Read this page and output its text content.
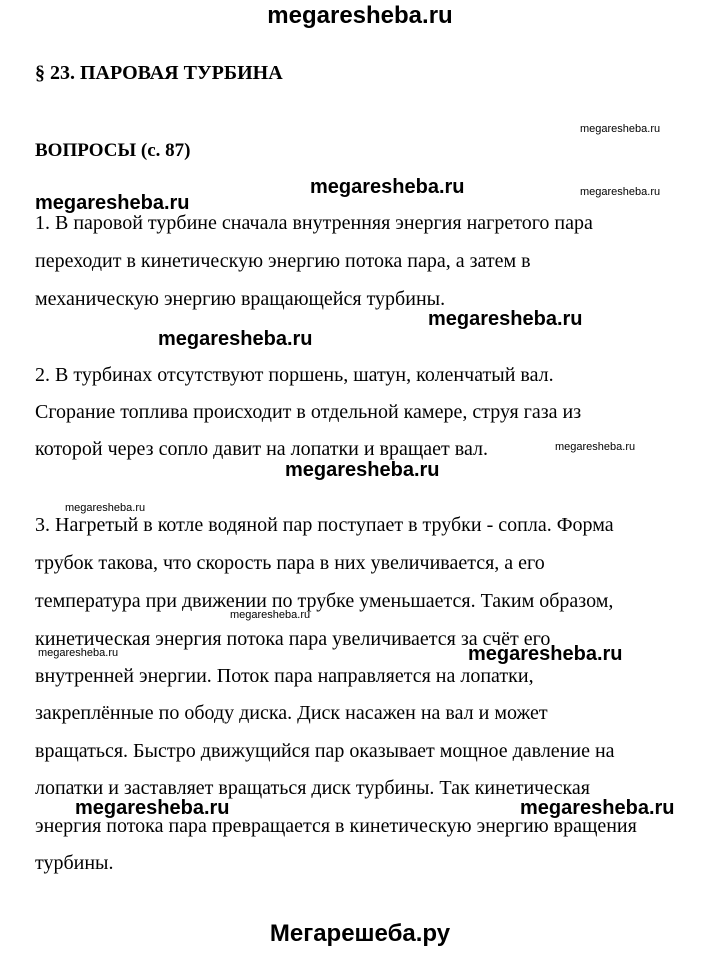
megaresheba.ru
§ 23. ПАРОВАЯ ТУРБИНА
ВОПРОСЫ (с. 87)
1. В паровой турбине сначала внутренняя энергия нагретого пара
переходит в кинетическую энергию потока пара, а затем в
механическую энергию вращающейся турбины.
2. В турбинах отсутствуют поршень, шатун, коленчатый вал.
Сгорание топлива происходит в отдельной камере, струя газа из
которой через сопло давит на лопатки и вращает вал.
3. Нагретый в котле водяной пар поступает в трубки - сопла. Форма
трубок такова, что скорость пара в них увеличивается, а его
температура при движении по трубке уменьшается. Таким образом,
кинетическая энергия потока пара увеличивается за счёт его
внутренней энергии. Поток пара направляется на лопатки,
закреплённые по ободу диска. Диск насажен на вал и может
вращаться. Быстро движущийся пар оказывает мощное давление на
лопатки и заставляет вращаться диск турбины. Так кинетическая
энергия потока пара превращается в кинетическую энергию вращения
турбины.
megaresheba.ru
megaresheba.ru
megaresheba.ru	megaresheba.ru
megaresheba.ru
megaresheba.ru
megaresheba.ru
megaresheba.ru
megaresheba.ru
megaresheba.ru
megaresheba.ru	megaresheba.ru
megaresheba.ru	megaresheba.ru
Мегарешеба.ру
